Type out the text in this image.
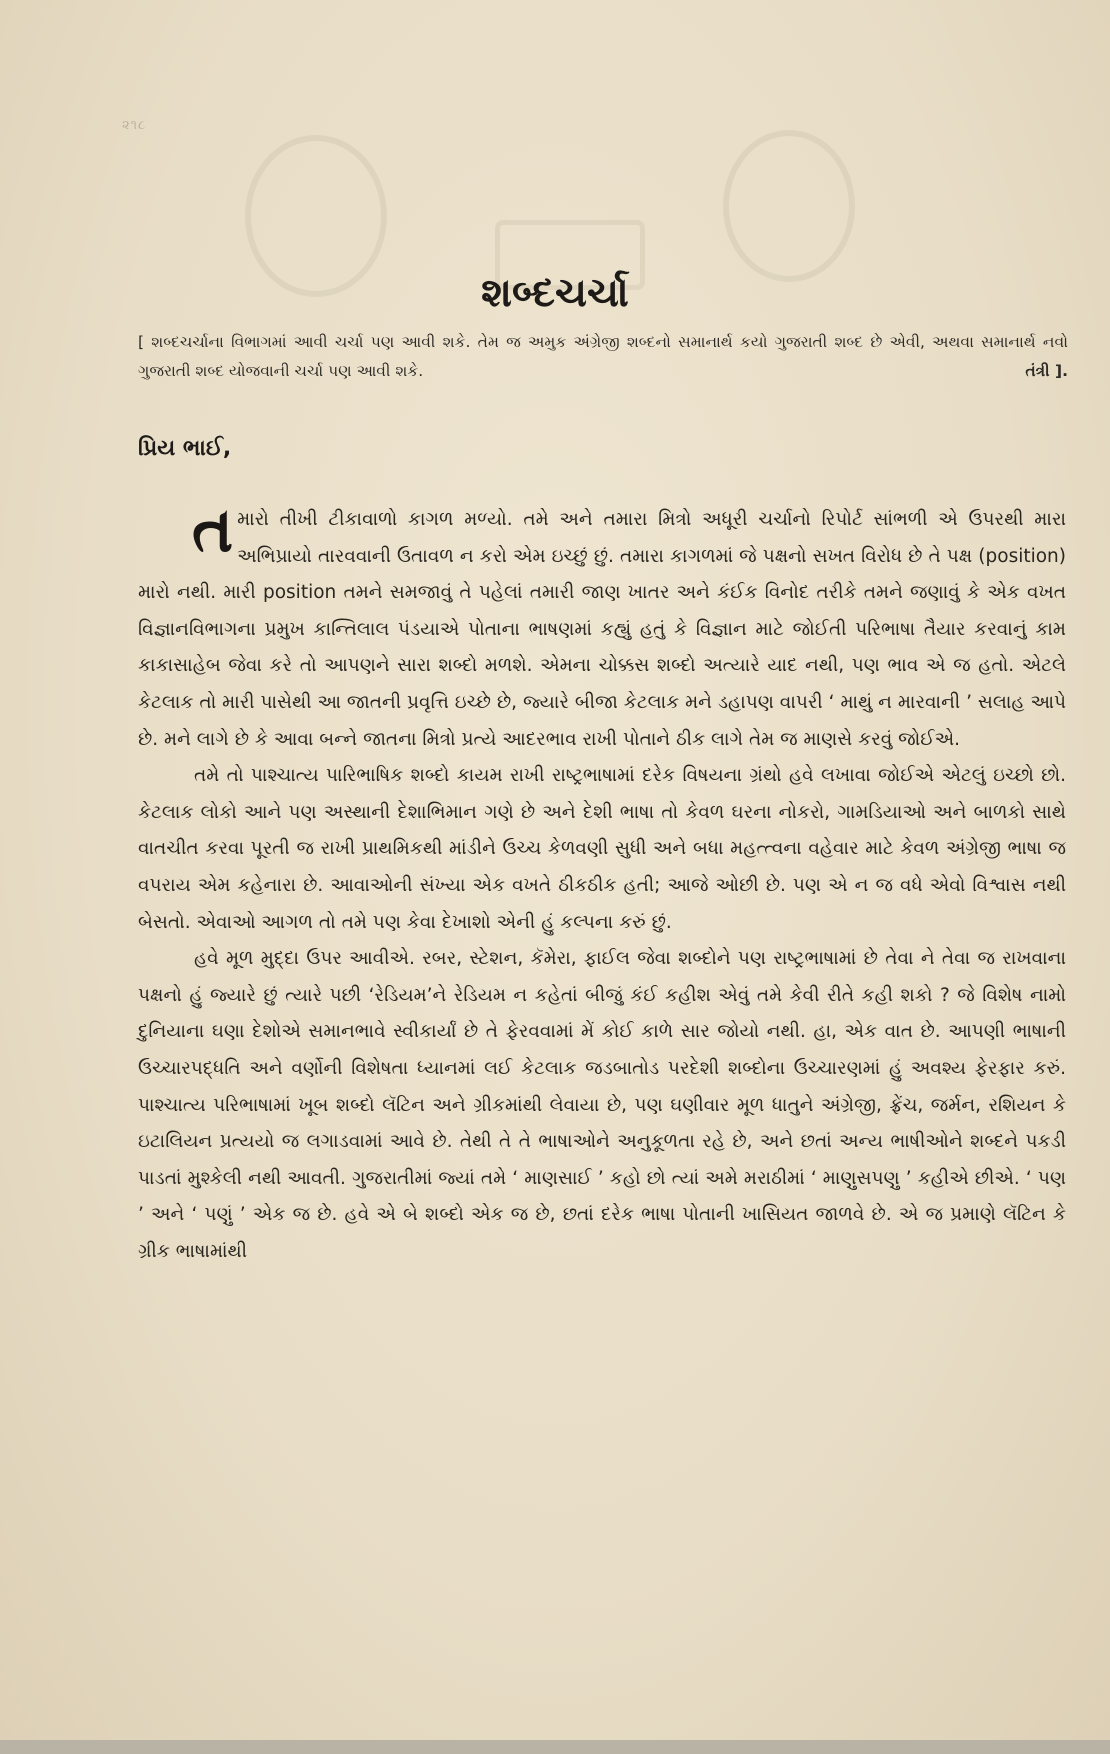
૨૧૮
શબ્દચર્ચા
[ શબ્દચર્ચાના વિભાગમાં આવી ચર્ચા પણ આવી શકે. તેમ જ અમુક અંગ્રેજી શબ્દનો સમાનાર્થ કયો ગુજરાતી શબ્દ છે એવી, અથવા સમાનાર્થ નવો ગુજરાતી શબ્દ યોજવાની ચર્ચા પણ આવી શકે.	તંત્રી ].
પ્રિય ભાઈ,

તમારો તીખી ટીકાવાળો કાગળ મળ્યો. તમે અને તમારા મિત્રો અધૂરી ચર્ચાનો રિપોર્ટ સાંભળી એ ઉપરથી મારા અભિપ્રાયો તારવવાની ઉતાવળ ન કરો એમ ઇચ્છું છું. તમારા કાગળમાં જે પક્ષનો સખત વિરોધ છે તે પક્ષ (position) મારો નથી. મારી position તમને સમજાવું તે પહેલાં તમારી જાણ ખાતર અને કંઈક વિનોદ તરીકે તમને જણાવું કે એક વખત વિજ્ઞાનવિભાગના પ્રમુખ કાન્તિલાલ પંડયાએ પોતાના ભાષણમાં કહ્યું હતું કે વિજ્ઞાન માટે જોઈતી પરિભાષા તૈયાર કરવાનું કામ કાકાસાહેબ જેવા કરે તો આપણને સારા શબ્દો મળશે. એમના ચોક્કસ શબ્દો અત્યારે યાદ નથી, પણ ભાવ એ જ હતો. એટલે કેટલાક તો મારી પાસેથી આ જાતની પ્રવૃત્તિ ઇચ્છે છે, જ્યારે બીજા કેટલાક મને ડહાપણ વાપરી ‘ માથું ન મારવાની ’ સલાહ આપે છે. મને લાગે છે કે આવા બન્ને જાતના મિત્રો પ્રત્યે આદરભાવ રાખી પોતાને ઠીક લાગે તેમ જ માણસે કરવું જોઈએ.

તમે તો પાશ્ચાત્ય પારિભાષિક શબ્દો કાયમ રાખી રાષ્ટ્રભાષામાં દરેક વિષયના ગ્રંથો હવે લખાવા જોઈએ એટલું ઇચ્છો છો. કેટલાક લોકો આને પણ અસ્થાની દેશાભિમાન ગણે છે અને દેશી ભાષા તો કેવળ ઘરના નોકરો, ગામડિયાઓ અને બાળકો સાથે વાતચીત કરવા પૂરતી જ રાખી પ્રાથમિકથી માંડીને ઉચ્ચ કેળવણી સુધી અને બધા મહત્ત્વના વહેવાર માટે કેવળ અંગ્રેજી ભાષા જ વપરાય એમ કહેનારા છે. આવાઓની સંખ્યા એક વખતે ઠીકઠીક હતી; આજે ઓછી છે. પણ એ ન જ વધે એવો વિશ્વાસ નથી બેસતો. એવાઓ આગળ તો તમે પણ કેવા દેખાશો એની હું કલ્પના કરું છું.

હવે મૂળ મુદ્દા ઉપર આવીએ. રબર, સ્ટેશન, કૅમેરા, ફાઈલ જેવા શબ્દોને પણ રાષ્ટ્રભાષામાં છે તેવા ને તેવા જ રાખવાના પક્ષનો હું જ્યારે છું ત્યારે પછી ‘રેડિયમ’ને રેડિયમ ન કહેતાં બીજું કંઈ કહીશ એવું તમે કેવી રીતે કહી શકો ? જે વિશેષ નામો દુનિયાના ઘણા દેશોએ સમાનભાવે સ્વીકાર્યાં છે તે ફેરવવામાં મેં કોઈ કાળે સાર જોયો નથી. હા, એક વાત છે. આપણી ભાષાની ઉચ્ચારપદ્ધતિ અને વર્ણોની વિશેષતા ધ્યાનમાં લઈ કેટલાક જડબાતોડ પરદેશી શબ્દોના ઉચ્ચારણમાં હું અવશ્ય ફેરફાર કરું. પાશ્ચાત્ય પરિભાષામાં ખૂબ શબ્દો લૅટિન અને ગ્રીકમાંથી લેવાયા છે, પણ ઘણીવાર મૂળ ધાતુને અંગ્રેજી, ફ્રેંચ, જર્મન, રશિયન કે ઇટાલિયન પ્રત્યયો જ લગાડવામાં આવે છે. તેથી તે તે ભાષાઓને અનુકૂળતા રહે છે, અને છતાં અન્ય ભાષીઓને શબ્દને પકડી પાડતાં મુશ્કેલી નથી આવતી. ગુજરાતીમાં જ્યાં તમે ‘ માણસાઈ ’ કહો છો ત્યાં અમે મરાઠીમાં ‘ માણુસપણુ ’ કહીએ છીએ. ‘ પણ ’ અને ‘ પણું ’ એક જ છે. હવે એ બે શબ્દો એક જ છે, છતાં દરેક ભાષા પોતાની ખાસિયત જાળવે છે. એ જ પ્રમાણે લૅટિન કે ગ્રીક ભાષામાંથી
